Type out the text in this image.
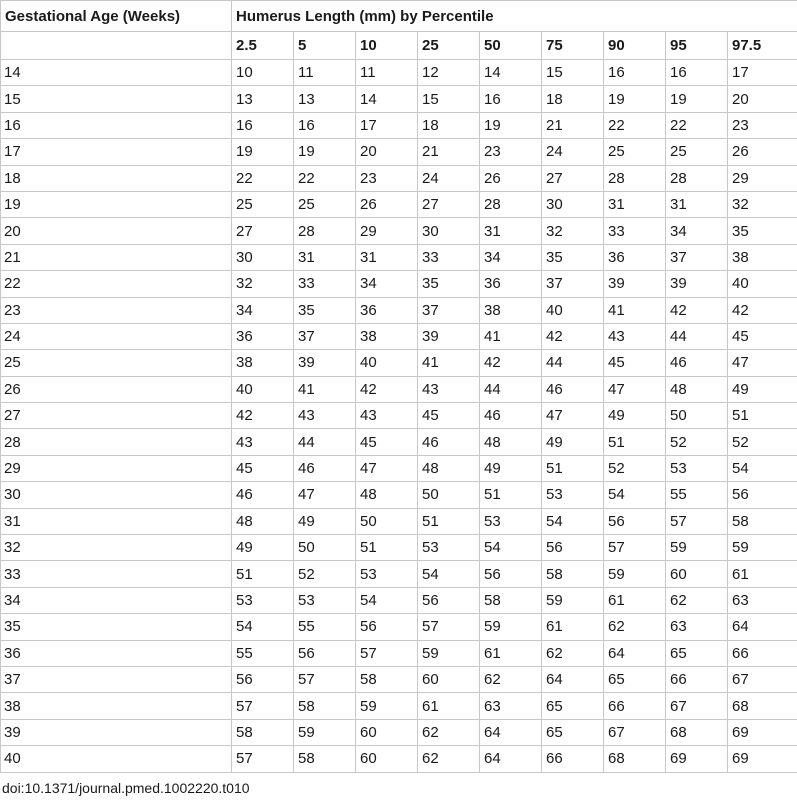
Gestational Age (Weeks)	Humerus Length (mm) by Percentile								
	2.5	5	10	25	50	75	90	95	97.5
14	10	11	11	12	14	15	16	16	17
15	13	13	14	15	16	18	19	19	20
16	16	16	17	18	19	21	22	22	23
17	19	19	20	21	23	24	25	25	26
18	22	22	23	24	26	27	28	28	29
19	25	25	26	27	28	30	31	31	32
20	27	28	29	30	31	32	33	34	35
21	30	31	31	33	34	35	36	37	38
22	32	33	34	35	36	37	39	39	40
23	34	35	36	37	38	40	41	42	42
24	36	37	38	39	41	42	43	44	45
25	38	39	40	41	42	44	45	46	47
26	40	41	42	43	44	46	47	48	49
27	42	43	43	45	46	47	49	50	51
28	43	44	45	46	48	49	51	52	52
29	45	46	47	48	49	51	52	53	54
30	46	47	48	50	51	53	54	55	56
31	48	49	50	51	53	54	56	57	58
32	49	50	51	53	54	56	57	59	59
33	51	52	53	54	56	58	59	60	61
34	53	53	54	56	58	59	61	62	63
35	54	55	56	57	59	61	62	63	64
36	55	56	57	59	61	62	64	65	66
37	56	57	58	60	62	64	65	66	67
38	57	58	59	61	63	65	66	67	68
39	58	59	60	62	64	65	67	68	69
40	57	58	60	62	64	66	68	69	69
doi:10.1371/journal.pmed.1002220.t010
